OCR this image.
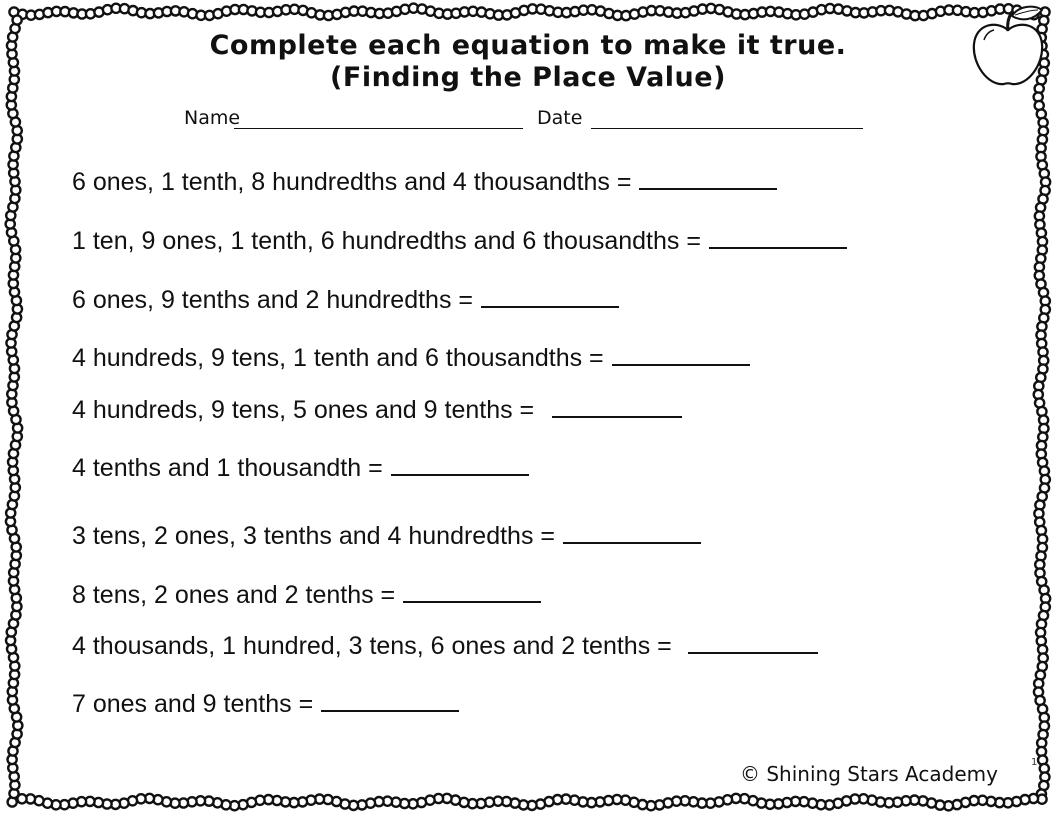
Complete each equation to make it true.
(Finding the Place Value)
Name	Date
6 ones, 1 tenth, 8 hundredths and 4 thousandths =
1 ten, 9 ones, 1 tenth, 6 hundredths and 6 thousandths =
6 ones, 9 tenths and 2 hundredths =
4 hundreds, 9 tens, 1 tenth and 6 thousandths =
4 hundreds, 9 tens, 5 ones and 9 tenths =
4 tenths and 1 thousandth =
3 tens, 2 ones, 3 tenths and 4 hundredths =
8 tens, 2 ones and 2 tenths =
4 thousands, 1 hundred, 3 tens, 6 ones and 2 tenths =
7 ones and 9 tenths =
© Shining Stars Academy	1
